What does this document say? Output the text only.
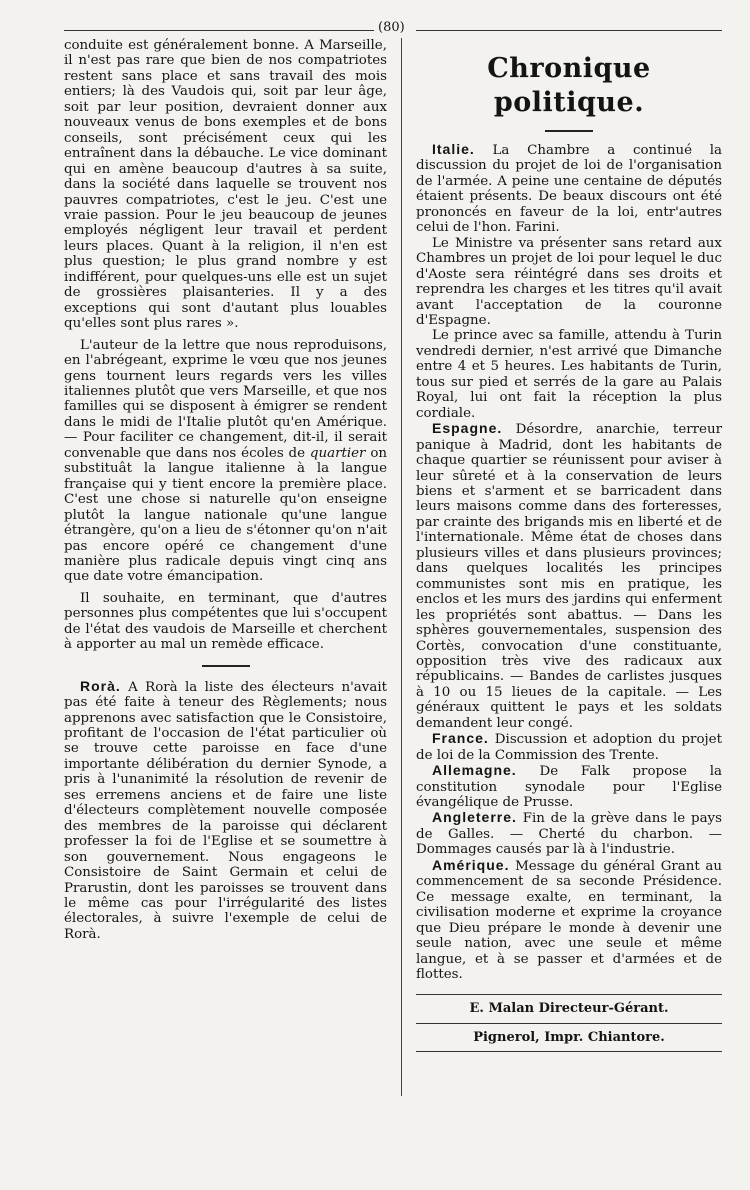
(80)

conduite est généralement bonne. A Marseille, il n'est pas rare que bien de nos compatriotes restent sans place et sans travail des mois entiers; là des Vaudois qui, soit par leur âge, soit par leur position, devraient donner aux nouveaux venus de bons exemples et de bons conseils, sont précisément ceux qui les entraînent dans la débauche. Le vice dominant qui en amène beaucoup d'autres à sa suite, dans la société dans laquelle se trouvent nos pauvres compatriotes, c'est le jeu. C'est une vraie passion. Pour le jeu beaucoup de jeunes employés négligent leur travail et perdent leurs places. Quant à la religion, il n'en est plus question; le plus grand nombre y est indifférent, pour quelques-uns elle est un sujet de grossières plaisanteries. Il y a des exceptions qui sont d'autant plus louables qu'elles sont plus rares ».

L'auteur de la lettre que nous reproduisons, en l'abrégeant, exprime le vœu que nos jeunes gens tournent leurs regards vers les villes italiennes plutôt que vers Marseille, et que nos familles qui se disposent à émigrer se rendent dans le midi de l'Italie plutôt qu'en Amérique. — Pour faciliter ce changement, dit-il, il serait convenable que dans nos écoles de quartier on substituât la langue italienne à la langue française qui y tient encore la première place. C'est une chose si naturelle qu'on enseigne plutôt la langue nationale qu'une langue étrangère, qu'on a lieu de s'étonner qu'on n'ait pas encore opéré ce changement d'une manière plus radicale depuis vingt cinq ans que date votre émancipation.

Il souhaite, en terminant, que d'autres personnes plus compétentes que lui s'occupent de l'état des vaudois de Marseille et cherchent à apporter au mal un remède efficace.

Rorà. A Rorà la liste des électeurs n'avait pas été faite à teneur des Règlements; nous apprenons avec satisfaction que le Consistoire, profitant de l'occasion de l'état particulier où se trouve cette paroisse en face d'une importante délibération du dernier Synode, a pris à l'unanimité la résolution de revenir de ses erremens anciens et de faire une liste d'électeurs complètement nouvelle composée des membres de la paroisse qui déclarent professer la foi de l'Eglise et se soumettre à son gouvernement. Nous engageons le Consistoire de Saint Germain et celui de Prarustin, dont les paroisses se trouvent dans le même cas pour l'irrégularité des listes électorales, à suivre l'exemple de celui de Rorà.

Chronique politique.

Italie. La Chambre a continué la discussion du projet de loi de l'organisation de l'armée. A peine une centaine de députés étaient présents. De beaux discours ont été prononcés en faveur de la loi, entr'autres celui de l'hon. Farini.

Le Ministre va présenter sans retard aux Chambres un projet de loi pour lequel le duc d'Aoste sera réintégré dans ses droits et reprendra les charges et les titres qu'il avait avant l'acceptation de la couronne d'Espagne.

Le prince avec sa famille, attendu à Turin vendredi dernier, n'est arrivé que Dimanche entre 4 et 5 heures. Les habitants de Turin, tous sur pied et serrés de la gare au Palais Royal, lui ont fait la réception la plus cordiale.

Espagne. Désordre, anarchie, terreur panique à Madrid, dont les habitants de chaque quartier se réunissent pour aviser à leur sûreté et à la conservation de leurs biens et s'arment et se barricadent dans leurs maisons comme dans des forteresses, par crainte des brigands mis en liberté et de l'internationale. Même état de choses dans plusieurs villes et dans plusieurs provinces; dans quelques localités les principes communistes sont mis en pratique, les enclos et les murs des jardins qui enferment les propriétés sont abattus. — Dans les sphères gouvernementales, suspension des Cortès, convocation d'une constituante, opposition très vive des radicaux aux républicains. — Bandes de carlistes jusques à 10 ou 15 lieues de la capitale. — Les généraux quittent le pays et les soldats demandent leur congé.

France. Discussion et adoption du projet de loi de la Commission des Trente.

Allemagne. De Falk propose la constitution synodale pour l'Eglise évangélique de Prusse.

Angleterre. Fin de la grève dans le pays de Galles. — Cherté du charbon. — Dommages causés par là à l'industrie.

Amérique. Message du général Grant au commencement de sa seconde Présidence. Ce message exalte, en terminant, la civilisation moderne et exprime la croyance que Dieu prépare le monde à devenir une seule nation, avec une seule et même langue, et à se passer et d'armées et de flottes.

E. Malan Directeur-Gérant.
Pignerol, Impr. Chiantore.
